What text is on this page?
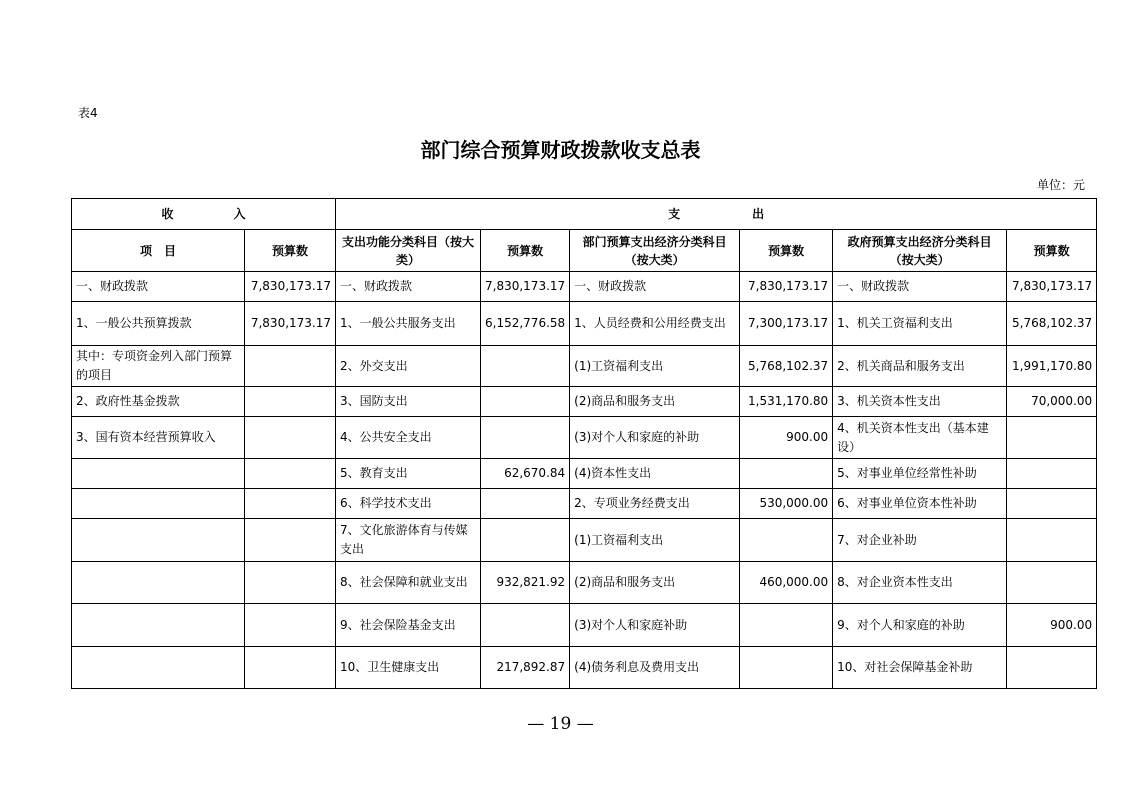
表4
部门综合预算财政拨款收支总表
单位：元
收　　　　　入		支　　　　　　出					
项　目	预算数	支出功能分类科目（按大类）	预算数	部门预算支出经济分类科目（按大类）	预算数	政府预算支出经济分类科目（按大类）	预算数
一、财政拨款	7,830,173.17	一、财政拨款	7,830,173.17	一、财政拨款	7,830,173.17	一、财政拨款	7,830,173.17
1、一般公共预算拨款	7,830,173.17	1、一般公共服务支出	6,152,776.58	1、人员经费和公用经费支出	7,300,173.17	1、机关工资福利支出	5,768,102.37
其中：专项资金列入部门预算的项目		2、外交支出		(1)工资福利支出	5,768,102.37	2、机关商品和服务支出	1,991,170.80
2、政府性基金拨款		3、国防支出		(2)商品和服务支出	1,531,170.80	3、机关资本性支出	70,000.00
3、国有资本经营预算收入		4、公共安全支出		(3)对个人和家庭的补助	900.00	4、机关资本性支出（基本建设）	
		5、教育支出	62,670.84	(4)资本性支出		5、对事业单位经常性补助	
		6、科学技术支出		2、专项业务经费支出	530,000.00	6、对事业单位资本性补助	
		7、文化旅游体育与传媒支出		(1)工资福利支出		7、对企业补助	
		8、社会保障和就业支出	932,821.92	(2)商品和服务支出	460,000.00	8、对企业资本性支出	
		9、社会保险基金支出		(3)对个人和家庭补助		9、对个人和家庭的补助	900.00
		10、卫生健康支出	217,892.87	(4)债务利息及费用支出		10、对社会保障基金补助	
— 19 —
